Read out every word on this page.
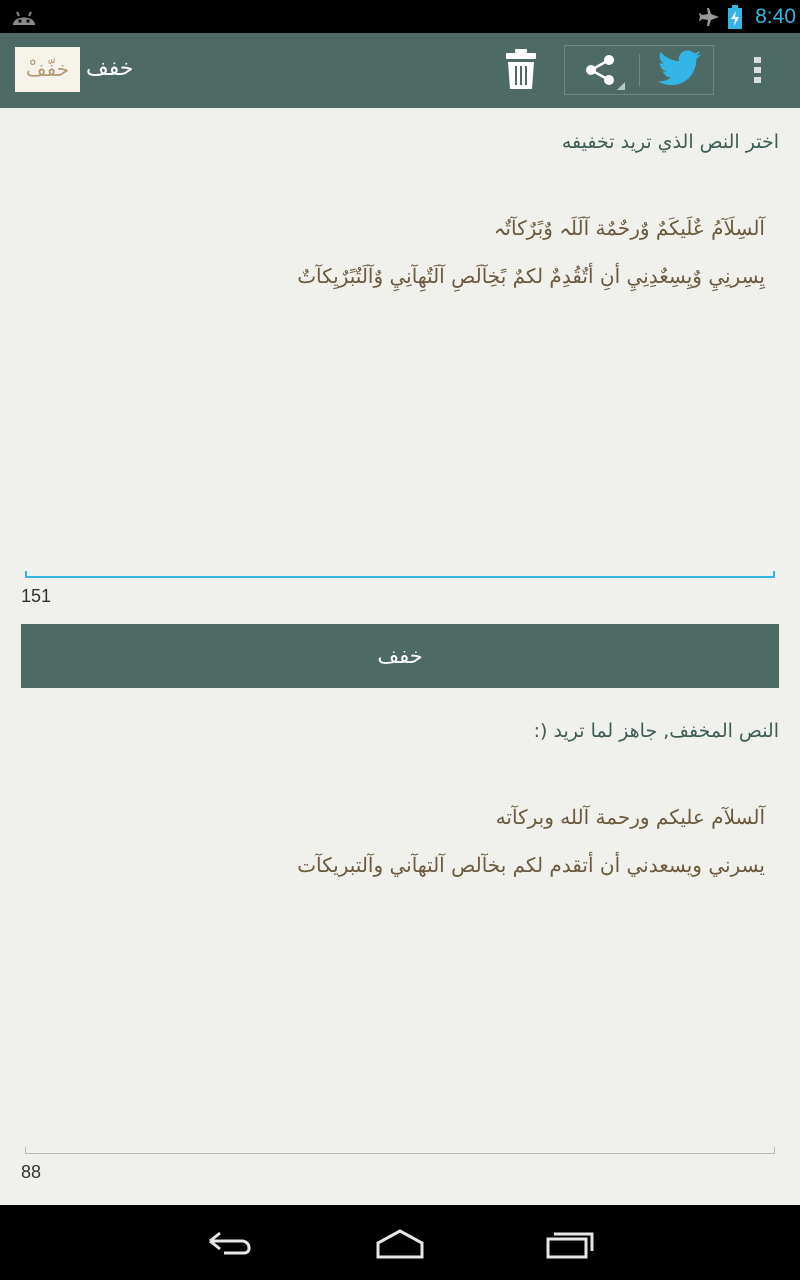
8:40
خفّفْ خفف
اختر النص الذي تريد تخفيفه
آلسِلَآمُ عٌلَيكَمٌ وٌرحٌمٌة آلَلَہ وٌبًرٌکآتٌہ
يِسِرنِيِ وٌيِسِعٌدِنِيِ أنِ أتٌقُدِمٌ لکمٌ بًخِآلَصِ آلَتٌهِآنِيِ وٌآلَتٌبًرٌيِکآتٌ
151
خفف
النص المخفف, جاهز لما تريد (:
آلسلآم عليکم ورحمة آلله وبرکآته
يسرني ويسعدني أن أتقدم لکم بخآلص آلتهآني وآلتبريکآت
88
